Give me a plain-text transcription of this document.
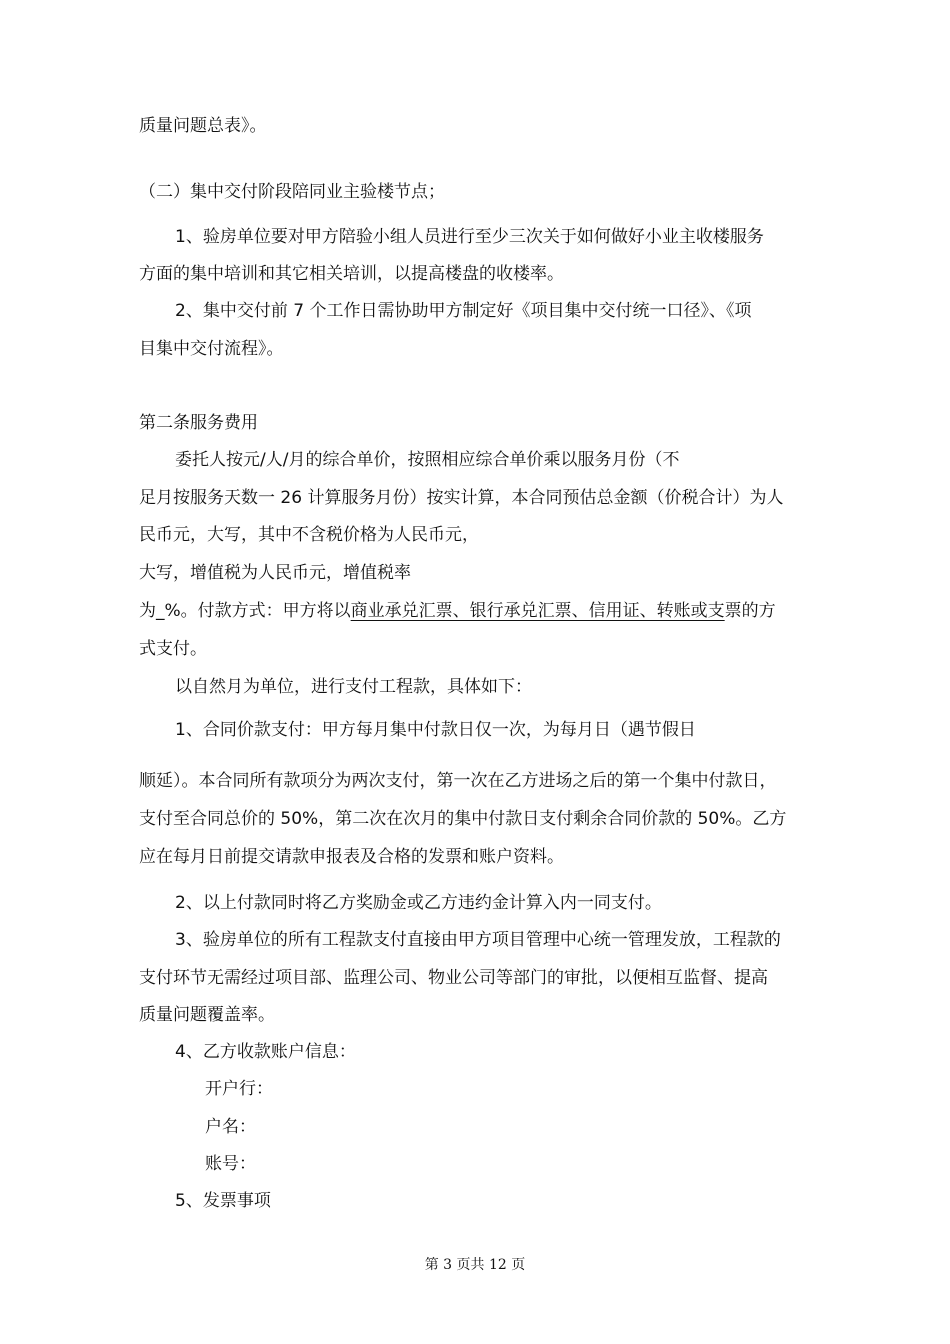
质量问题总表》。
（二）集中交付阶段陪同业主验楼节点；
1、验房单位要对甲方陪验小组人员进行至少三次关于如何做好小业主收楼服务
方面的集中培训和其它相关培训，以提高楼盘的收楼率。
2、集中交付前 7 个工作日需协助甲方制定好《项目集中交付统一口径》、《项
目集中交付流程》。
第二条服务费用
委托人按元/人/月的综合单价，按照相应综合单价乘以服务月份（不
足月按服务天数一 26 计算服务月份）按实计算，本合同预估总金额（价税合计）为人
民币元，大写，其中不含税价格为人民币元，
大写，增值税为人民币元，增值税率
为_%。付款方式：甲方将以商业承兑汇票、银行承兑汇票、信用证、转账或支票的方
式支付。
以自然月为单位，进行支付工程款，具体如下：
1、合同价款支付：甲方每月集中付款日仅一次，为每月日（遇节假日
顺延）。本合同所有款项分为两次支付，第一次在乙方进场之后的第一个集中付款日，
支付至合同总价的 50%，第二次在次月的集中付款日支付剩余合同价款的 50%。乙方
应在每月日前提交请款申报表及合格的发票和账户资料。
2、以上付款同时将乙方奖励金或乙方违约金计算入内一同支付。
3、验房单位的所有工程款支付直接由甲方项目管理中心统一管理发放，工程款的
支付环节无需经过项目部、监理公司、物业公司等部门的审批，以便相互监督、提高
质量问题覆盖率。
4、乙方收款账户信息：
开户行：
户名：
账号：
5、发票事项
第 3 页共 12 页
